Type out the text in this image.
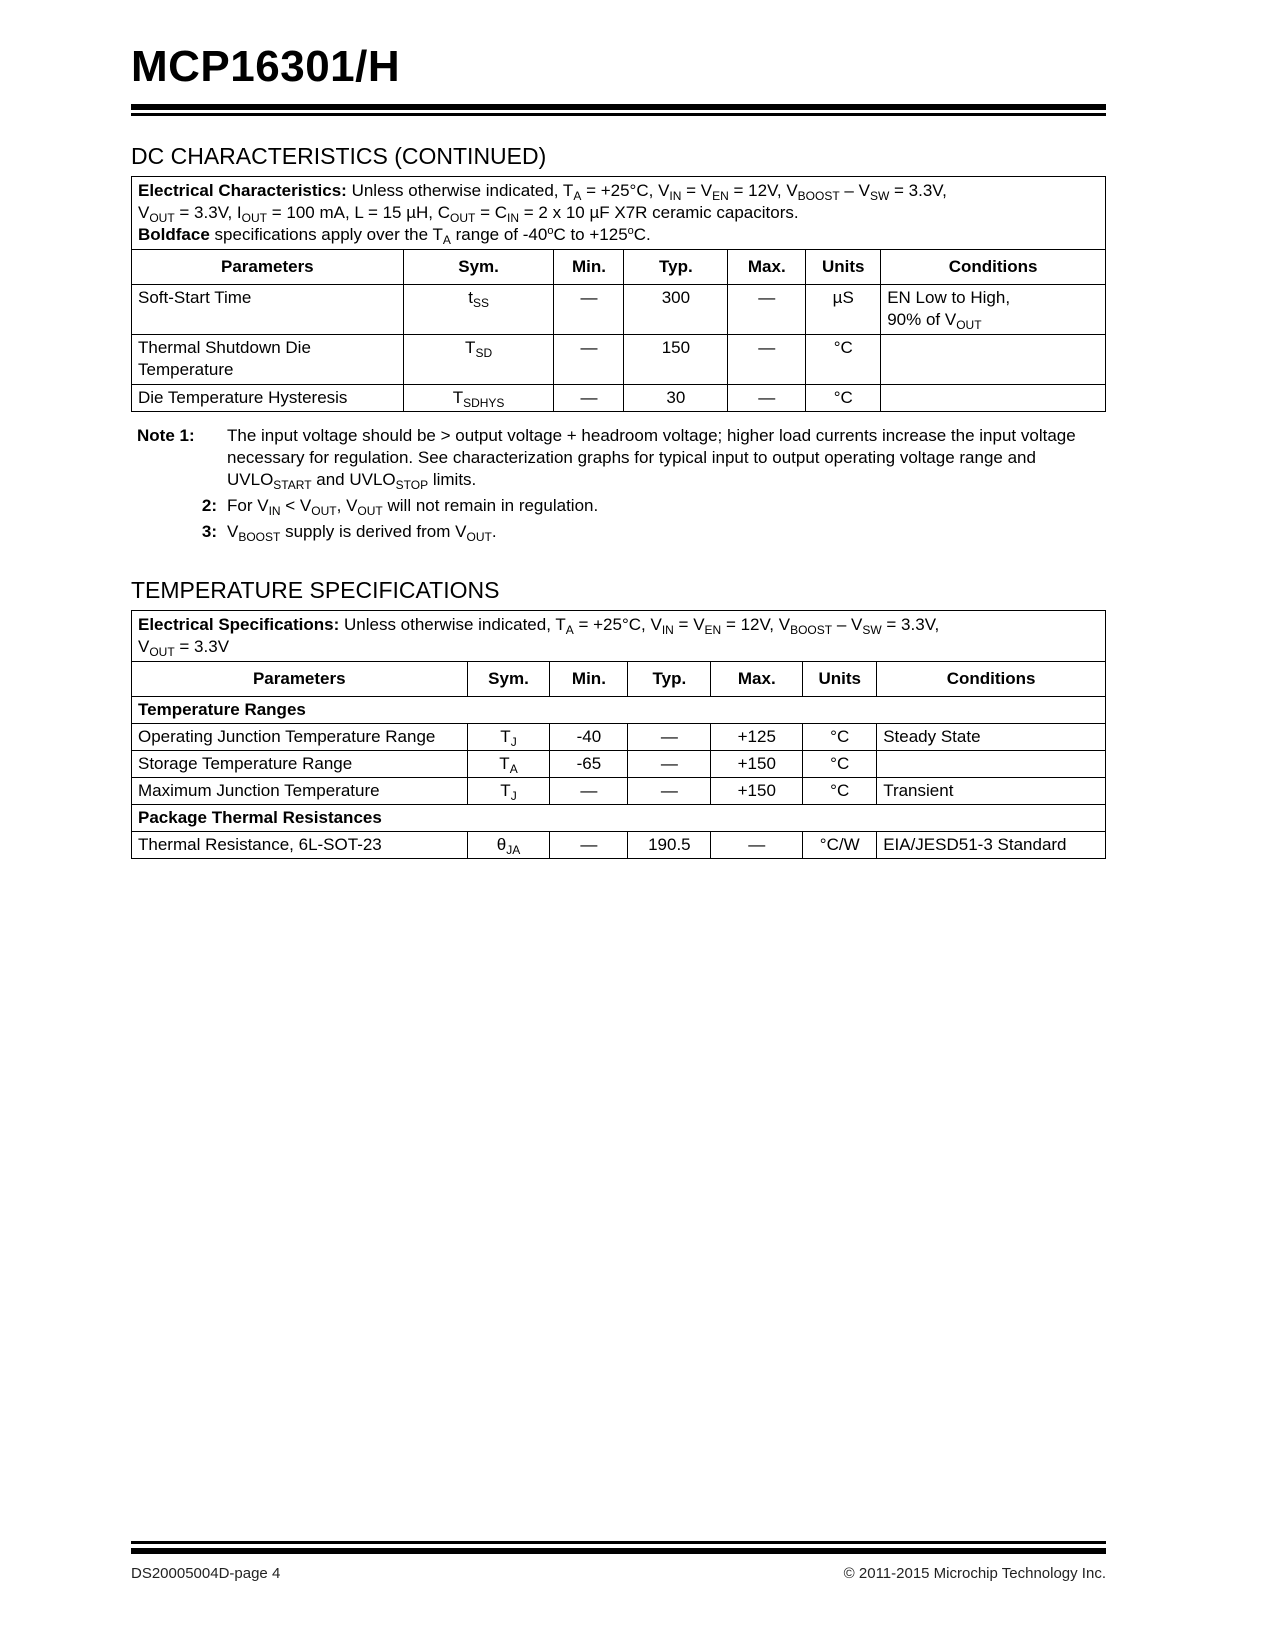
MCP16301/H
DC CHARACTERISTICS (CONTINUED)
Electrical Characteristics: Unless otherwise indicated, $T_A = +25^\circ C$, $V_{IN} = V_{EN} = 12V$, $V_{BOOST} - V_{SW} = 3.3V$,
$V_{OUT} = 3.3V$, $I_{OUT} = 100$ mA, L = 15 µH, $C_{OUT} = C_{IN} = 2$ x 10 µF X7R ceramic capacitors.
Boldface specifications apply over the $T_A$ range of -40$^o$C to $+125^oC$.						
Parameters	Sym.	Min.	Typ.	Max.	Units	Conditions
Soft-Start Time	$t_{SS}$	—	300	—	µS	EN Low to High,
90% of $V_{OUT}$
Thermal Shutdown Die Temperature	$T_{SD}$	—	150	—	°C	
Die Temperature Hysteresis	$T_{SDHYS}$	—	30	—	°C	
Note 1:	The input voltage should be > output voltage + headroom voltage; higher load currents increase the input voltage necessary for regulation. See characterization graphs for typical input to output operating voltage range and $UVLO_{START}$ and $UVLO_{STOP}$ limits.
2: For $V_{IN} < V_{OUT}$, $V_{OUT}$ will not remain in regulation.
3: $V_{BOOST}$ supply is derived from $V_{OUT}$.
TEMPERATURE SPECIFICATIONS
Electrical Specifications: Unless otherwise indicated, $T_A = +25^\circ C$, $V_{IN} = V_{EN} = 12V$, $V_{BOOST} - V_{SW} = 3.3V$,
$V_{OUT} = 3.3V$						
Parameters	Sym.	Min.	Typ.	Max.	Units	Conditions
Temperature Ranges						
Operating Junction Temperature Range	$T_J$	-40	—	+125	°C	Steady State
Storage Temperature Range	$T_A$	-65	—	+150	°C	
Maximum Junction Temperature	$T_J$	—	—	+150	°C	Transient
Package Thermal Resistances						
Thermal Resistance, 6L-SOT-23	$\theta_{JA}$	—	190.5	—	°C/W	EIA/JESD51-3 Standard
DS20005004D-page 4	© 2011-2015 Microchip Technology Inc.
